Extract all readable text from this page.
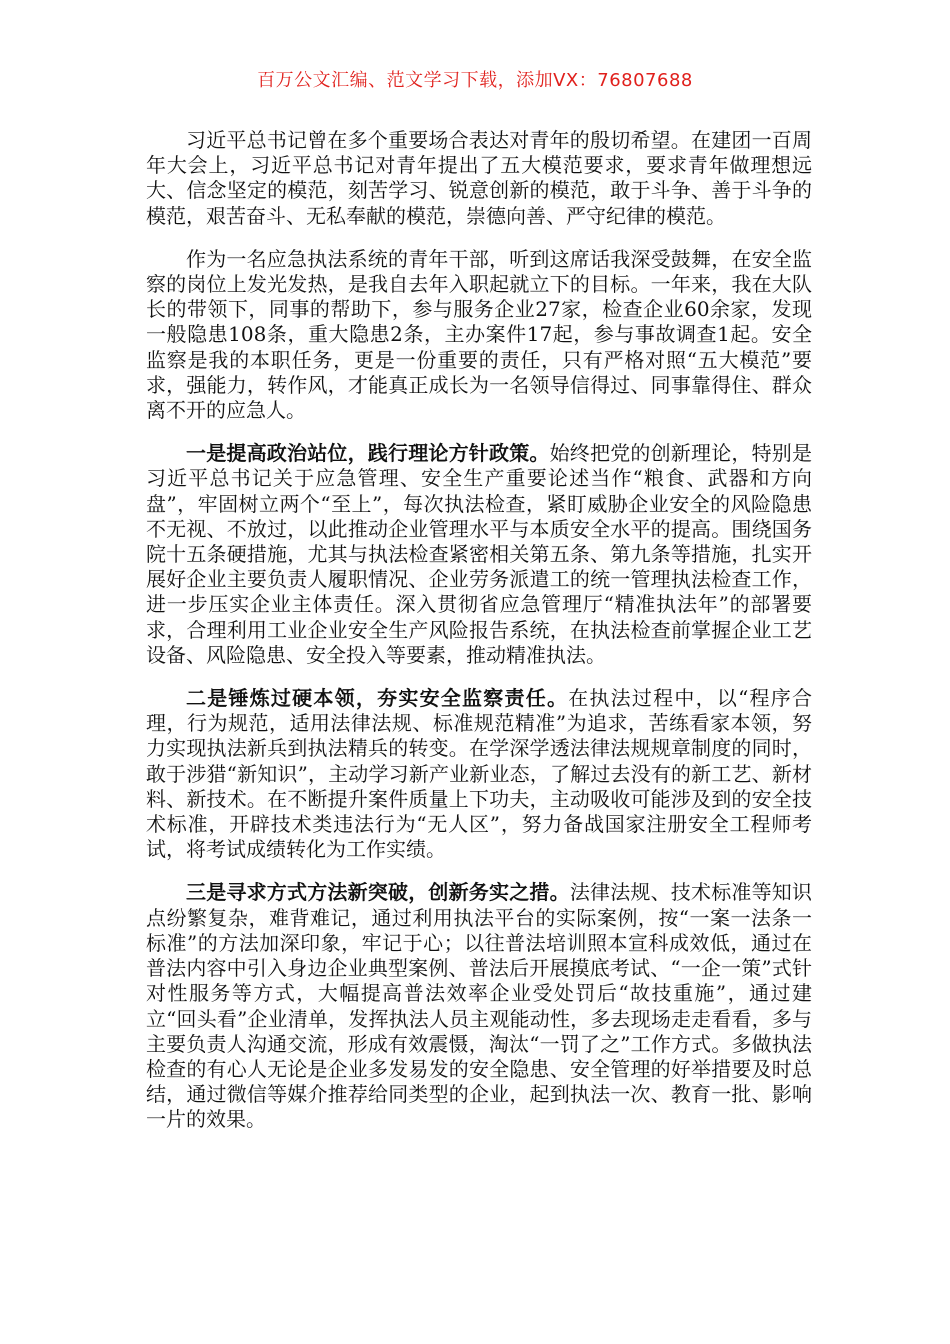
百万公文汇编、范文学习下载，添加VX：76807688

习近平总书记曾在多个重要场合表达对青年的殷切希望。在建团一百周年大会上，习近平总书记对青年提出了五大模范要求，要求青年做理想远大、信念坚定的模范，刻苦学习、锐意创新的模范，敢于斗争、善于斗争的模范，艰苦奋斗、无私奉献的模范，崇德向善、严守纪律的模范。

作为一名应急执法系统的青年干部，听到这席话我深受鼓舞，在安全监察的岗位上发光发热，是我自去年入职起就立下的目标。一年来，我在大队长的带领下，同事的帮助下，参与服务企业27家，检查企业60余家，发现一般隐患108条，重大隐患2条，主办案件17起，参与事故调查1起。安全监察是我的本职任务，更是一份重要的责任，只有严格对照“五大模范”要求，强能力，转作风，才能真正成长为一名领导信得过、同事靠得住、群众离不开的应急人。

一是提高政治站位，践行理论方针政策。始终把党的创新理论，特别是习近平总书记关于应急管理、安全生产重要论述当作“粮食、武器和方向盘”，牢固树立两个“至上”，每次执法检查，紧盯威胁企业安全的风险隐患不无视、不放过，以此推动企业管理水平与本质安全水平的提高。围绕国务院十五条硬措施，尤其与执法检查紧密相关第五条、第九条等措施，扎实开展好企业主要负责人履职情况、企业劳务派遣工的统一管理执法检查工作，进一步压实企业主体责任。深入贯彻省应急管理厅“精准执法年”的部署要求，合理利用工业企业安全生产风险报告系统，在执法检查前掌握企业工艺设备、风险隐患、安全投入等要素，推动精准执法。

二是锤炼过硬本领，夯实安全监察责任。在执法过程中，以“程序合理，行为规范，适用法律法规、标准规范精准”为追求，苦练看家本领，努力实现执法新兵到执法精兵的转变。在学深学透法律法规规章制度的同时，敢于涉猎“新知识”，主动学习新产业新业态，了解过去没有的新工艺、新材料、新技术。在不断提升案件质量上下功夫，主动吸收可能涉及到的安全技术标准，开辟技术类违法行为“无人区”，努力备战国家注册安全工程师考试，将考试成绩转化为工作实绩。

三是寻求方式方法新突破，创新务实之措。法律法规、技术标准等知识点纷繁复杂，难背难记，通过利用执法平台的实际案例，按“一案一法条一标准”的方法加深印象，牢记于心；以往普法培训照本宣科成效低，通过在普法内容中引入身边企业典型案例、普法后开展摸底考试、“一企一策”式针对性服务等方式，大幅提高普法效率企业受处罚后“故技重施”，通过建立“回头看”企业清单，发挥执法人员主观能动性，多去现场走走看看，多与主要负责人沟通交流，形成有效震慑，淘汰“一罚了之”工作方式。多做执法检查的有心人无论是企业多发易发的安全隐患、安全管理的好举措要及时总结，通过微信等媒介推荐给同类型的企业，起到执法一次、教育一批、影响一片的效果。
